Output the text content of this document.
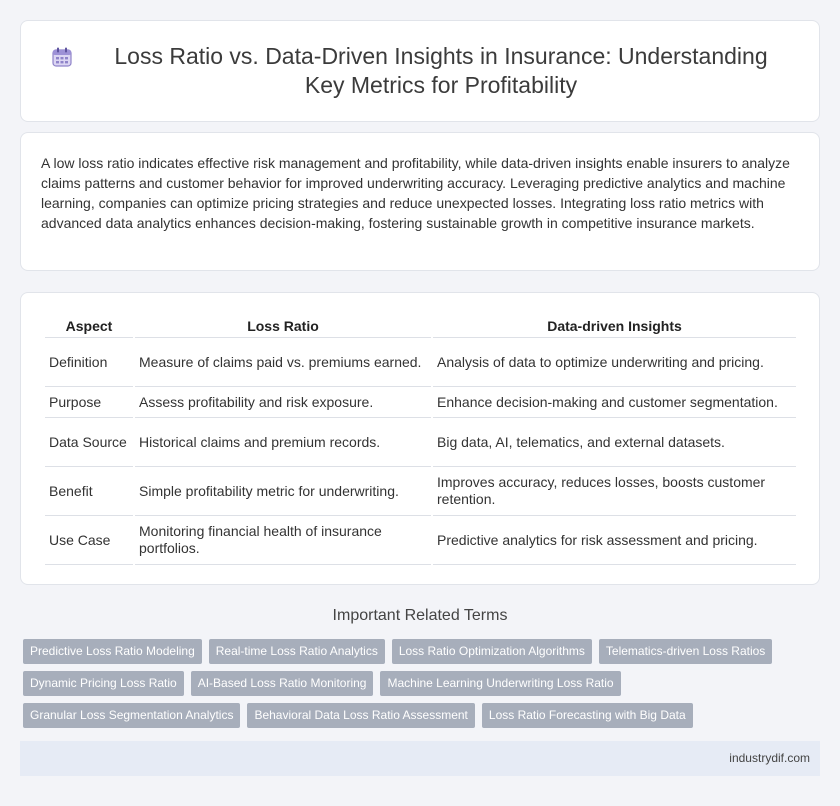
Loss Ratio vs. Data-Driven Insights in Insurance: Understanding Key Metrics for Profitability

A low loss ratio indicates effective risk management and profitability, while data-driven insights enable insurers to analyze claims patterns and customer behavior for improved underwriting accuracy. Leveraging predictive analytics and machine learning, companies can optimize pricing strategies and reduce unexpected losses. Integrating loss ratio metrics with advanced data analytics enhances decision-making, fostering sustainable growth in competitive insurance markets.

Aspect	Loss Ratio	Data-driven Insights
Definition	Measure of claims paid vs. premiums earned.	Analysis of data to optimize underwriting and pricing.
Purpose	Assess profitability and risk exposure.	Enhance decision-making and customer segmentation.
Data Source	Historical claims and premium records.	Big data, AI, telematics, and external datasets.
Benefit	Simple profitability metric for underwriting.	Improves accuracy, reduces losses, boosts customer retention.
Use Case	Monitoring financial health of insurance portfolios.	Predictive analytics for risk assessment and pricing.
Important Related Terms
Predictive Loss Ratio Modeling	Real-time Loss Ratio Analytics	Loss Ratio Optimization Algorithms	Telematics-driven Loss Ratios
Dynamic Pricing Loss Ratio	AI-Based Loss Ratio Monitoring	Machine Learning Underwriting Loss Ratio
Granular Loss Segmentation Analytics	Behavioral Data Loss Ratio Assessment	Loss Ratio Forecasting with Big Data
industrydif.com
